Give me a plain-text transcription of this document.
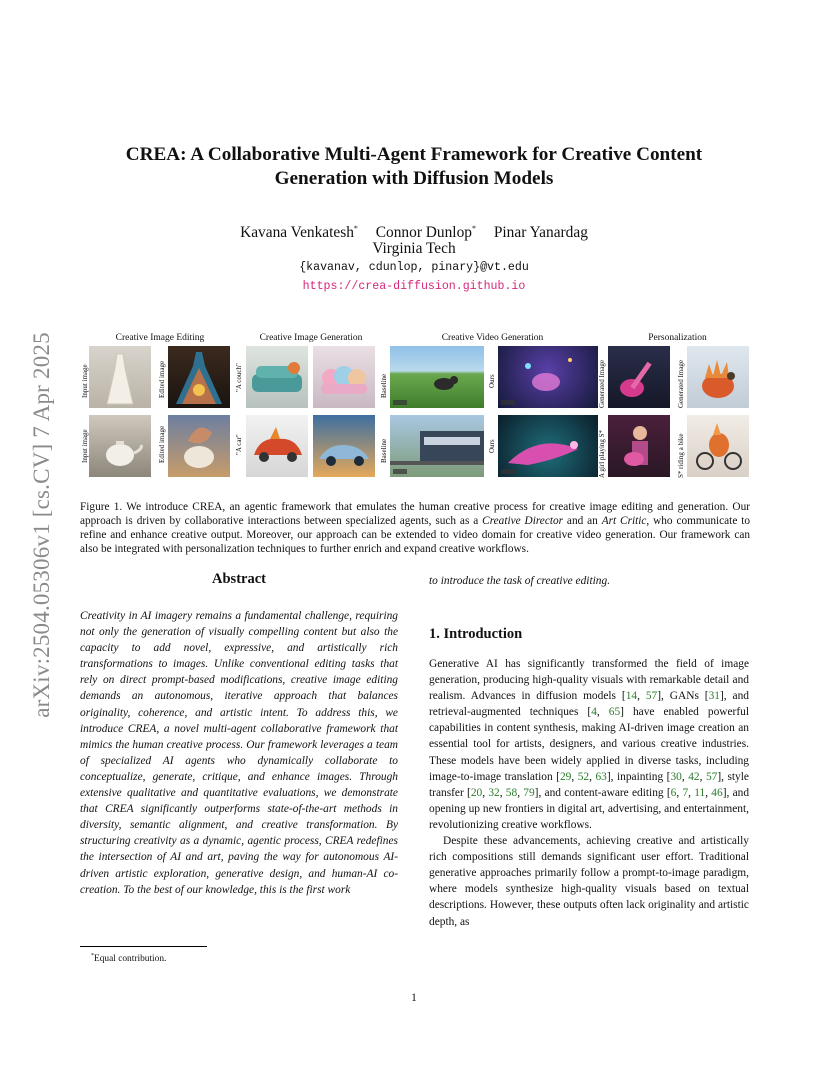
arXiv:2504.05306v1 [cs.CV] 7 Apr 2025
CREA: A Collaborative Multi-Agent Framework for Creative Content
Generation with Diffusion Models
Kavana Venkatesh* Connor Dunlop* Pinar Yanardag
Virginia Tech
{kavanav, cdunlop, pinary}@vt.edu
https://crea-diffusion.github.io
Creative Image Editing	Creative Image Generation	Creative Video Generation	Personalization
Input image
Input image
Edited image
Edited image
"A couch"
"A car"
Baseline
Baseline
Ours
Ours
Generated Image
A girl playing S*
Generated Image
S* riding a bike
Figure 1. We introduce CREA, an agentic framework that emulates the human creative process for creative image editing and generation. Our approach is driven by collaborative interactions between specialized agents, such as a Creative Director and an Art Critic, who communicate to refine and enhance creative output. Moreover, our approach can be extended to video domain for creative video generation. Our framework can also be integrated with personalization techniques to further enrich and expand creative workflows.
Abstract
Creativity in AI imagery remains a fundamental challenge, requiring not only the generation of visually compelling content but also the capacity to add novel, expressive, and artistically rich transformations to images. Unlike conventional editing tasks that rely on direct prompt-based modifications, creative image editing demands an autonomous, iterative approach that balances originality, coherence, and artistic intent. To address this, we introduce CREA, a novel multi-agent collaborative framework that mimics the human creative process. Our framework leverages a team of specialized AI agents who dynamically collaborate to conceptualize, generate, critique, and enhance images. Through extensive qualitative and quantitative evaluations, we demonstrate that CREA significantly outperforms state-of-the-art methods in diversity, semantic alignment, and creative transformation. By structuring creativity as a dynamic, agentic process, CREA redefines the intersection of AI and art, paving the way for autonomous AI-driven artistic exploration, generative design, and human-AI co-creation. To the best of our knowledge, this is the first work
*Equal contribution.
to introduce the task of creative editing.
1. Introduction

Generative AI has significantly transformed the field of image generation, producing high-quality visuals with remarkable detail and realism. Advances in diffusion models [14, 57], GANs [31], and retrieval-augmented techniques [4, 65] have enabled powerful capabilities in content synthesis, making AI-driven image creation an essential tool for artists, designers, and various creative industries. These models have been widely applied in diverse tasks, including image-to-image translation [29, 52, 63], inpainting [30, 42, 57], style transfer [20, 32, 58, 79], and content-aware editing [6, 7, 11, 46], and opening up new frontiers in digital art, advertising, and entertainment, revolutionizing creative workflows.

Despite these advancements, achieving creative and artistically rich compositions still demands significant user effort. Traditional generative approaches primarily follow a prompt-to-image paradigm, where models synthesize high-quality visuals based on textual descriptions. However, these outputs often lack originality and artistic depth, as

1
